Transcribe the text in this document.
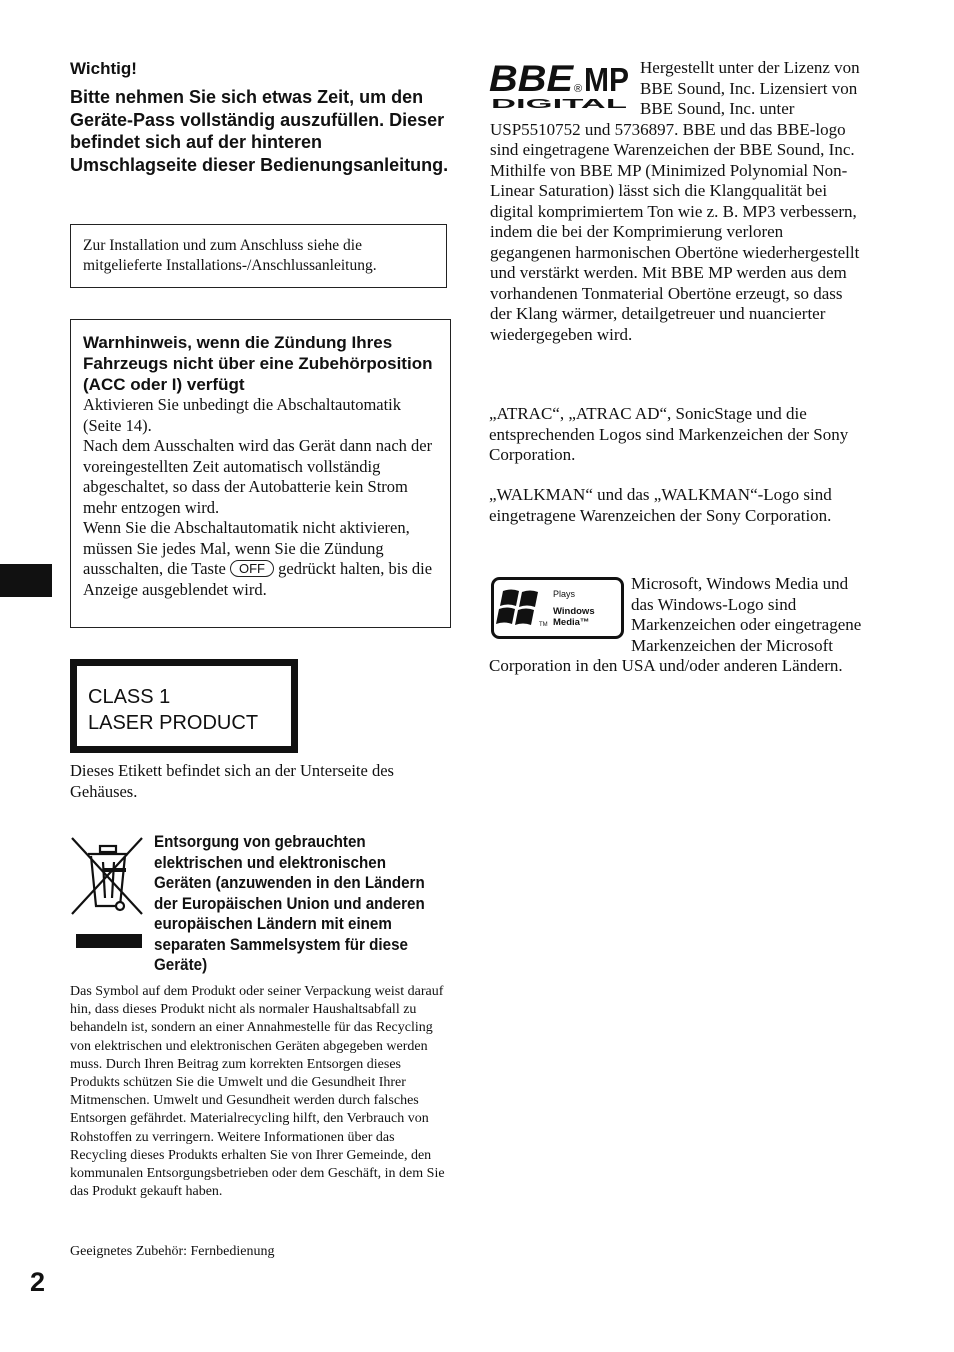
Wichtig!
Bitte nehmen Sie sich etwas Zeit, um den Geräte-Pass vollständig auszufüllen. Dieser befindet sich auf der hinteren Umschlagseite dieser Bedienungsanleitung.
Zur Installation und zum Anschluss siehe die mitgelieferte Installations-/Anschlussanleitung.
Warnhinweis, wenn die Zündung Ihres Fahrzeugs nicht über eine Zubehörposition (ACC oder I) verfügt
Aktivieren Sie unbedingt die Abschaltautomatik (Seite 14).
Nach dem Ausschalten wird das Gerät dann nach der voreingestellten Zeit automatisch vollständig abgeschaltet, so dass der Autobatterie kein Strom mehr entzogen wird.
Wenn Sie die Abschaltautomatik nicht aktivieren, müssen Sie jedes Mal, wenn Sie die Zündung ausschalten, die Taste OFF gedrückt halten, bis die Anzeige ausgeblendet wird.
CLASS 1
LASER PRODUCT
Dieses Etikett befindet sich an der Unterseite des Gehäuses.
Entsorgung von gebrauchten elektrischen und elektronischen Geräten (anzuwenden in den Ländern der Europäischen Union und anderen europäischen Ländern mit einem separaten Sammelsystem für diese Geräte)
Das Symbol auf dem Produkt oder seiner Verpackung weist darauf hin, dass dieses Produkt nicht als normaler Haushaltsabfall zu behandeln ist, sondern an einer Annahmestelle für das Recycling von elektrischen und elektronischen Geräten abgegeben werden muss. Durch Ihren Beitrag zum korrekten Entsorgen dieses Produkts schützen Sie die Umwelt und die Gesundheit Ihrer Mitmenschen. Umwelt und Gesundheit werden durch falsches Entsorgen gefährdet. Materialrecycling hilft, den Verbrauch von Rohstoffen zu verringern. Weitere Informationen über das Recycling dieses Produkts erhalten Sie von Ihrer Gemeinde, den kommunalen Entsorgungsbetrieben oder dem Geschäft, in dem Sie das Produkt gekauft haben.
Geeignetes Zubehör: Fernbedienung
2
BBE ® MP
DIGITAL
Hergestellt unter der Lizenz von BBE Sound, Inc. Lizensiert von BBE Sound, Inc. unter USP5510752 und 5736897. BBE und das BBE-logo sind eingetragene Warenzeichen der BBE Sound, Inc.
Mithilfe von BBE MP (Minimized Polynomial Non-Linear Saturation) lässt sich die Klangqualität bei digital komprimiertem Ton wie z. B. MP3 verbessern, indem die bei der Komprimierung verloren gegangenen harmonischen Obertöne wiederhergestellt und verstärkt werden. Mit BBE MP werden aus dem vorhandenen Tonmaterial Obertöne erzeugt, so dass der Klang wärmer, detailgetreuer und nuancierter wiedergegeben wird.
„ATRAC“, „ATRAC AD“, SonicStage und die entsprechenden Logos sind Markenzeichen der Sony Corporation.
„WALKMAN“ und das „WALKMAN“-Logo sind eingetragene Warenzeichen der Sony Corporation.
TM
Plays
Windows
Media™
Microsoft, Windows Media und das Windows-Logo sind Markenzeichen oder eingetragene Markenzeichen der Microsoft Corporation in den USA und/oder anderen Ländern.
